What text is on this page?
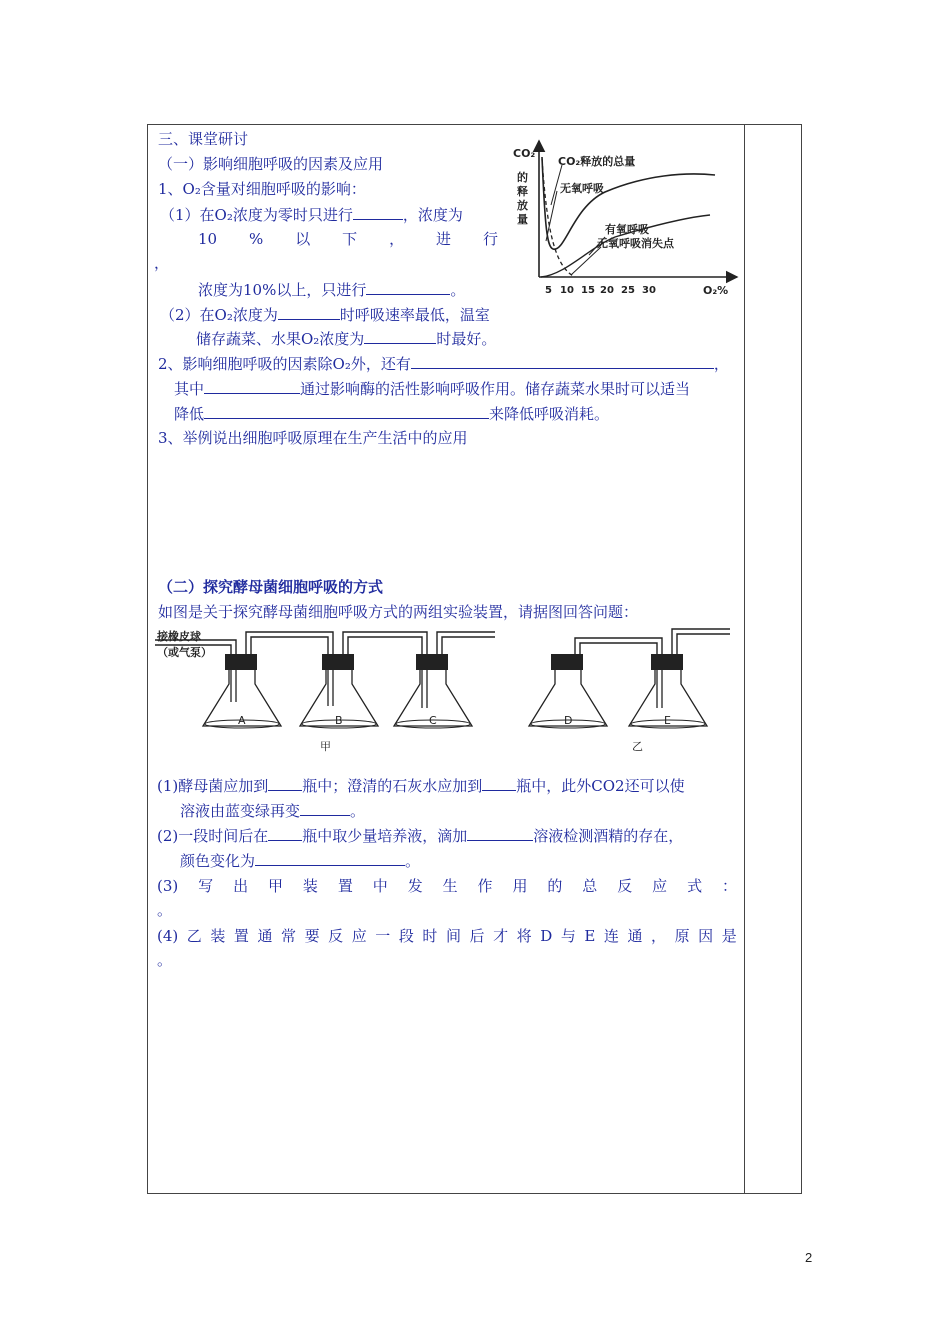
三、课堂研讨
（一）影响细胞呼吸的因素及应用
1、O₂含量对细胞呼吸的影响：
（1）在O₂浓度为零时只进行	，浓度为
10 % 以 下 ， 进 行
，
浓度为10%以上，只进行	。
（2）在O₂浓度为	时呼吸速率最低，温室
储存蔬菜、水果O₂浓度为	时最好。
2、影响细胞呼吸的因素除O₂外，还有	，
其中	通过影响酶的活性影响呼吸作用。储存蔬菜水果时可以适当
降低	来降低呼吸消耗。
3、举例说出细胞呼吸原理在生产生活中的应用
CO₂
的
释
放
量
CO₂释放的总量
无氧呼吸
有氧呼吸
无氧呼吸消失点
5 10 15 20 25 30	O₂%
（二）探究酵母菌细胞呼吸的方式
如图是关于探究酵母菌细胞呼吸方式的两组实验装置，请据图回答问题：
接橡皮球
（或气泵）
A	B	C	D	E
甲	乙
(1)酵母菌应加到 瓶中；澄清的石灰水应加到 瓶中，此外CO2还可以使
溶液由蓝变绿再变	。
(2)一段时间后在 瓶中取少量培养液，滴加	溶液检测酒精的存在，
颜色变化为	。
(3) 写 出 甲 装 置 中 发 生 作 用 的 总 反 应 式 ：
。
(4) 乙 装 置 通 常 要 反 应 一 段 时 间 后 才 将 D 与 E 连 通 ， 原 因 是
。
2
